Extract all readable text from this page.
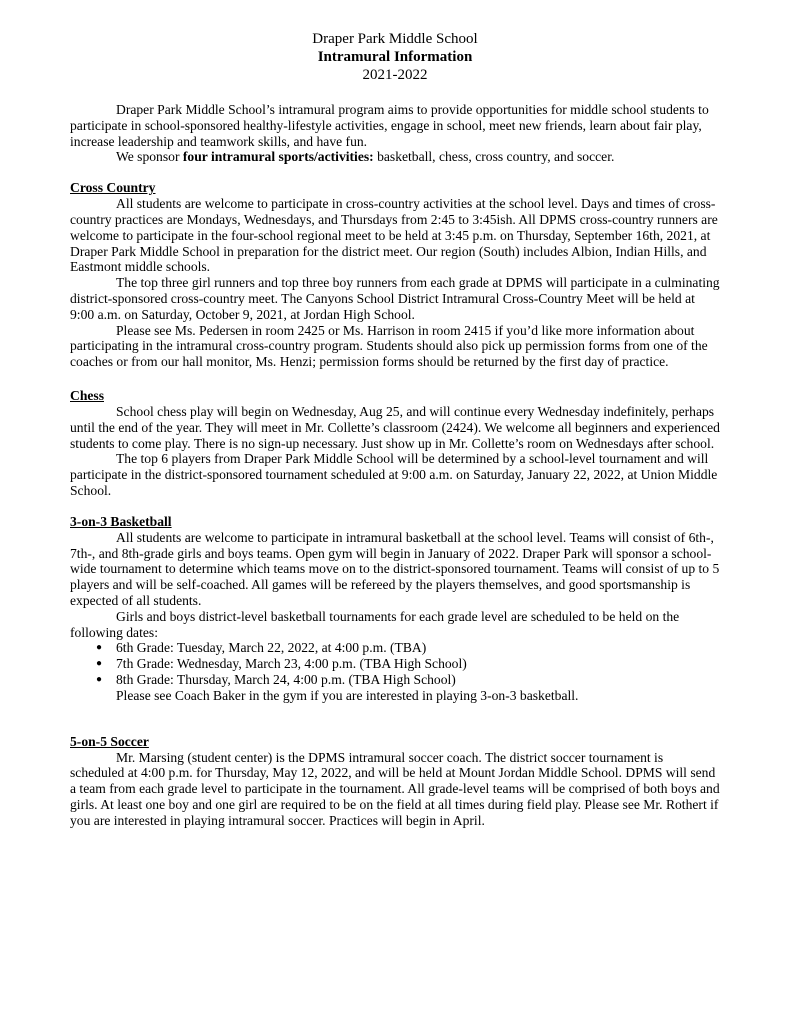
Draper Park Middle School
Intramural Information
2021-2022

Draper Park Middle School’s intramural program aims to provide opportunities for middle school students to participate in school-sponsored healthy-lifestyle activities, engage in school, meet new friends, learn about fair play, increase leadership and teamwork skills, and have fun.

We sponsor four intramural sports/activities: basketball, chess, cross country, and soccer.

Cross Country

All students are welcome to participate in cross-country activities at the school level. Days and times of cross-country practices are Mondays, Wednesdays, and Thursdays from 2:45 to 3:45ish. All DPMS cross-country runners are welcome to participate in the four-school regional meet to be held at 3:45 p.m. on Thursday, September 16th, 2021, at Draper Park Middle School in preparation for the district meet. Our region (South) includes Albion, Indian Hills, and Eastmont middle schools.

The top three girl runners and top three boy runners from each grade at DPMS will participate in a culminating district-sponsored cross-country meet. The Canyons School District Intramural Cross-Country Meet will be held at 9:00 a.m. on Saturday, October 9, 2021, at Jordan High School.

Please see Ms. Pedersen in room 2425 or Ms. Harrison in room 2415 if you’d like more information about participating in the intramural cross-country program. Students should also pick up permission forms from one of the coaches or from our hall monitor, Ms. Henzi; permission forms should be returned by the first day of practice.

Chess

School chess play will begin on Wednesday, Aug 25, and will continue every Wednesday indefinitely, perhaps until the end of the year. They will meet in Mr. Collette’s classroom (2424). We welcome all beginners and experienced students to come play. There is no sign-up necessary. Just show up in Mr. Collette’s room on Wednesdays after school.

The top 6 players from Draper Park Middle School will be determined by a school-level tournament and will participate in the district-sponsored tournament scheduled at 9:00 a.m. on Saturday, January 22, 2022, at Union Middle School.

3-on-3 Basketball

All students are welcome to participate in intramural basketball at the school level. Teams will consist of 6th-, 7th-, and 8th-grade girls and boys teams. Open gym will begin in January of 2022. Draper Park will sponsor a school-wide tournament to determine which teams move on to the district-sponsored tournament. Teams will consist of up to 5 players and will be self-coached. All games will be refereed by the players themselves, and good sportsmanship is expected of all students.

Girls and boys district-level basketball tournaments for each grade level are scheduled to be held on the following dates:

● 6th Grade: Tuesday, March 22, 2022, at 4:00 p.m. (TBA)
● 7th Grade: Wednesday, March 23, 4:00 p.m. (TBA High School)
● 8th Grade: Thursday, March 24, 4:00 p.m. (TBA High School)

Please see Coach Baker in the gym if you are interested in playing 3-on-3 basketball.

5-on-5 Soccer

Mr. Marsing (student center) is the DPMS intramural soccer coach. The district soccer tournament is scheduled at 4:00 p.m. for Thursday, May 12, 2022, and will be held at Mount Jordan Middle School. DPMS will send a team from each grade level to participate in the tournament. All grade-level teams will be comprised of both boys and girls. At least one boy and one girl are required to be on the field at all times during field play. Please see Mr. Rothert if you are interested in playing intramural soccer. Practices will begin in April.
